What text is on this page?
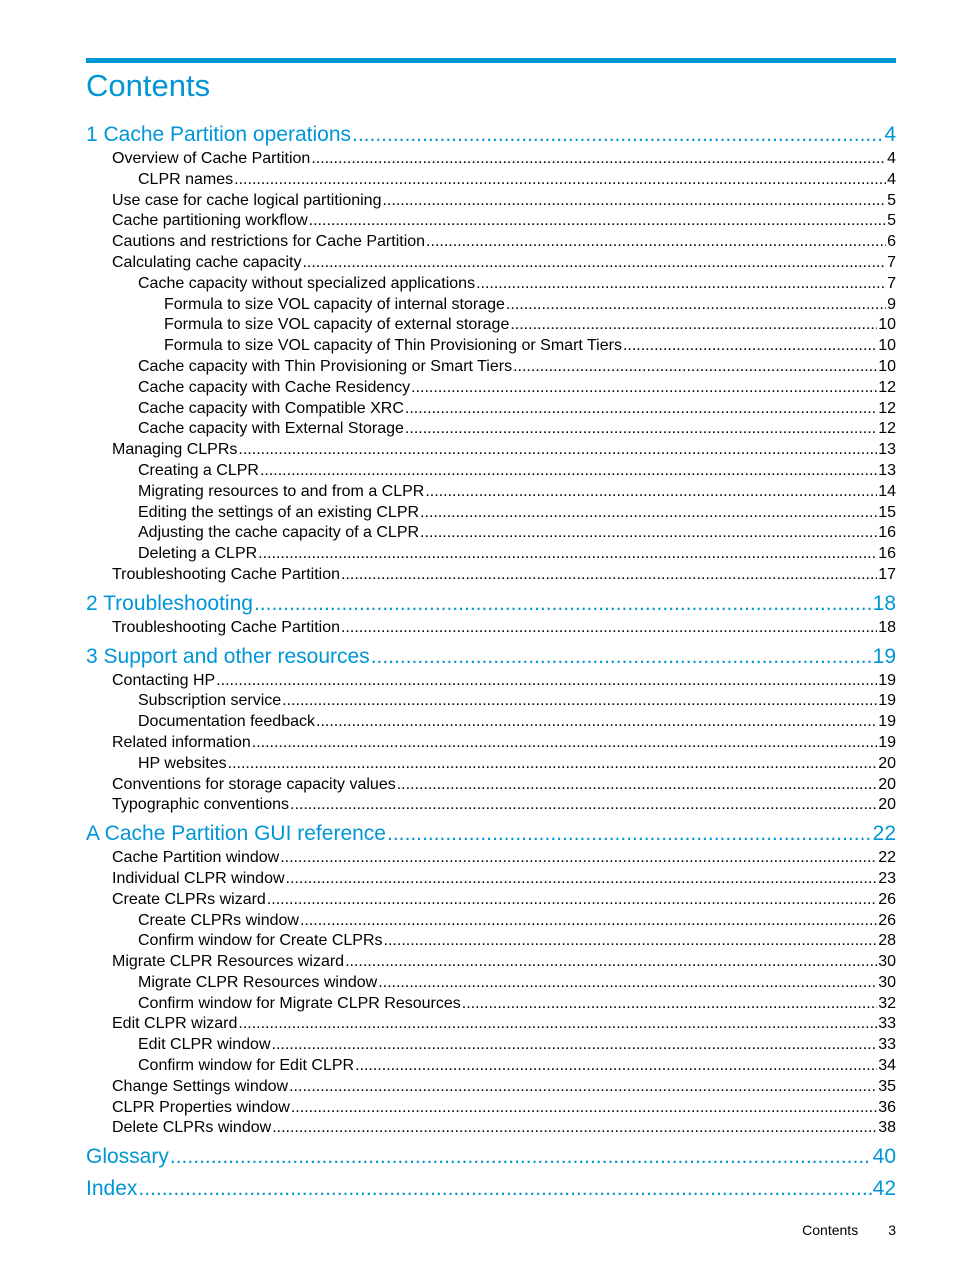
Contents
1 Cache Partition operations .....	4
Overview of Cache Partition .....	4
CLPR names .....	4
Use case for cache logical partitioning .....	5
Cache partitioning workflow .....	5
Cautions and restrictions for Cache Partition .....	6
Calculating cache capacity .....	7
Cache capacity without specialized applications .....	7
Formula to size VOL capacity of internal storage .....	9
Formula to size VOL capacity of external storage .....	10
Formula to size VOL capacity of Thin Provisioning or Smart Tiers .....	10
Cache capacity with Thin Provisioning or Smart Tiers .....	10
Cache capacity with Cache Residency .....	12
Cache capacity with Compatible XRC .....	12
Cache capacity with External Storage .....	12
Managing CLPRs .....	13
Creating a CLPR .....	13
Migrating resources to and from a CLPR .....	14
Editing the settings of an existing CLPR .....	15
Adjusting the cache capacity of a CLPR .....	16
Deleting a CLPR .....	16
Troubleshooting Cache Partition .....	17
2 Troubleshooting .....	18
Troubleshooting Cache Partition .....	18
3 Support and other resources .....	19
Contacting HP .....	19
Subscription service .....	19
Documentation feedback .....	19
Related information .....	19
HP websites .....	20
Conventions for storage capacity values .....	20
Typographic conventions .....	20
A Cache Partition GUI reference .....	22
Cache Partition window .....	22
Individual CLPR window .....	23
Create CLPRs wizard .....	26
Create CLPRs window .....	26
Confirm window for Create CLPRs .....	28
Migrate CLPR Resources wizard .....	30
Migrate CLPR Resources window .....	30
Confirm window for Migrate CLPR Resources .....	32
Edit CLPR wizard .....	33
Edit CLPR window .....	33
Confirm window for Edit CLPR .....	34
Change Settings window .....	35
CLPR Properties window .....	36
Delete CLPRs window .....	38
Glossary .....	40
Index .....	42
Contents 3
